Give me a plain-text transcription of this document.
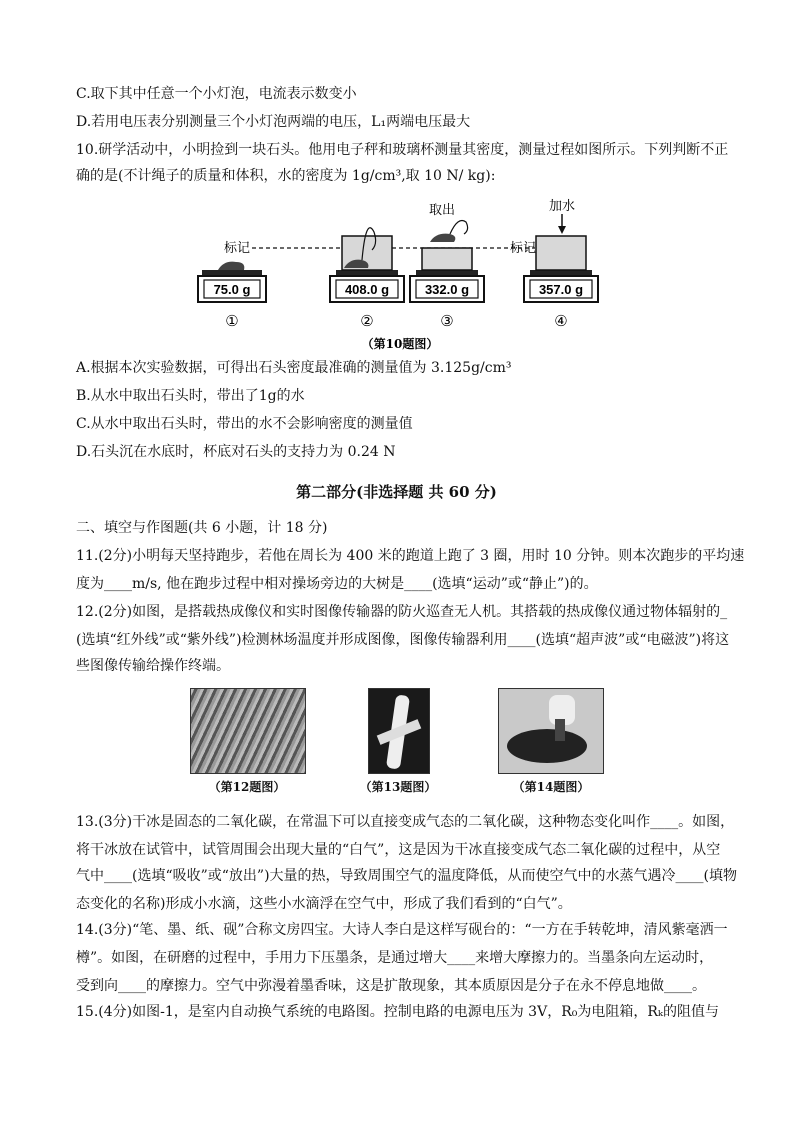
C.取下其中任意一个小灯泡，电流表示数变小
D.若用电压表分别测量三个小灯泡两端的电压，L₁两端电压最大
10.研学活动中，小明捡到一块石头。他用电子秤和玻璃杯测量其密度，测量过程如图所示。下列判断不正
确的是(不计绳子的质量和体积，水的密度为 1g/cm³,取 10 N/ kg):
75.0 g	408.0 g	332.0 g	357.0 g
①	②	③	④
标记	标记
取出	加水
（第10题图）
A.根据本次实验数据，可得出石头密度最准确的测量值为 3.125g/cm³
B.从水中取出石头时，带出了1g的水
C.从水中取出石头时，带出的水不会影响密度的测量值
D.石头沉在水底时，杯底对石头的支持力为 0.24 N
第二部分(非选择题 共 60 分)
二、填空与作图题(共 6 小题，计 18 分)
11.(2分)小明每天坚持跑步，若他在周长为 400 米的跑道上跑了 3 圈，用时 10 分钟。则本次跑步的平均速
度为____m/s, 他在跑步过程中相对操场旁边的大树是____(选填“运动”或“静止”)的。
12.(2分)如图，是搭载热成像仪和实时图像传输器的防火巡查无人机。其搭载的热成像仪通过物体辐射的_
(选填“红外线”或“紫外线”)检测林场温度并形成图像，图像传输器利用____(选填“超声波”或“电磁波”)将这
些图像传输给操作终端。
（第12题图）	（第13题图）	（第14题图）
13.(3分)干冰是固态的二氧化碳，在常温下可以直接变成气态的二氧化碳，这种物态变化叫作____。如图，
将干冰放在试管中，试管周围会出现大量的“白气”，这是因为干冰直接变成气态二氧化碳的过程中，从空
气中____(选填“吸收”或“放出”)大量的热，导致周围空气的温度降低，从而使空气中的水蒸气遇冷____(填物
态变化的名称)形成小水滴，这些小水滴浮在空气中，形成了我们看到的“白气”。
14.(3分)“笔、墨、纸、砚”合称文房四宝。大诗人李白是这样写砚台的：“一方在手转乾坤，清风紫毫洒一
樽”。如图，在研磨的过程中，手用力下压墨条，是通过增大____来增大摩擦力的。当墨条向左运动时，
受到向____的摩擦力。空气中弥漫着墨香味，这是扩散现象，其本质原因是分子在永不停息地做____。
15.(4分)如图-1，是室内自动换气系统的电路图。控制电路的电源电压为 3V，R₀为电阻箱，Rₖ的阻值与
